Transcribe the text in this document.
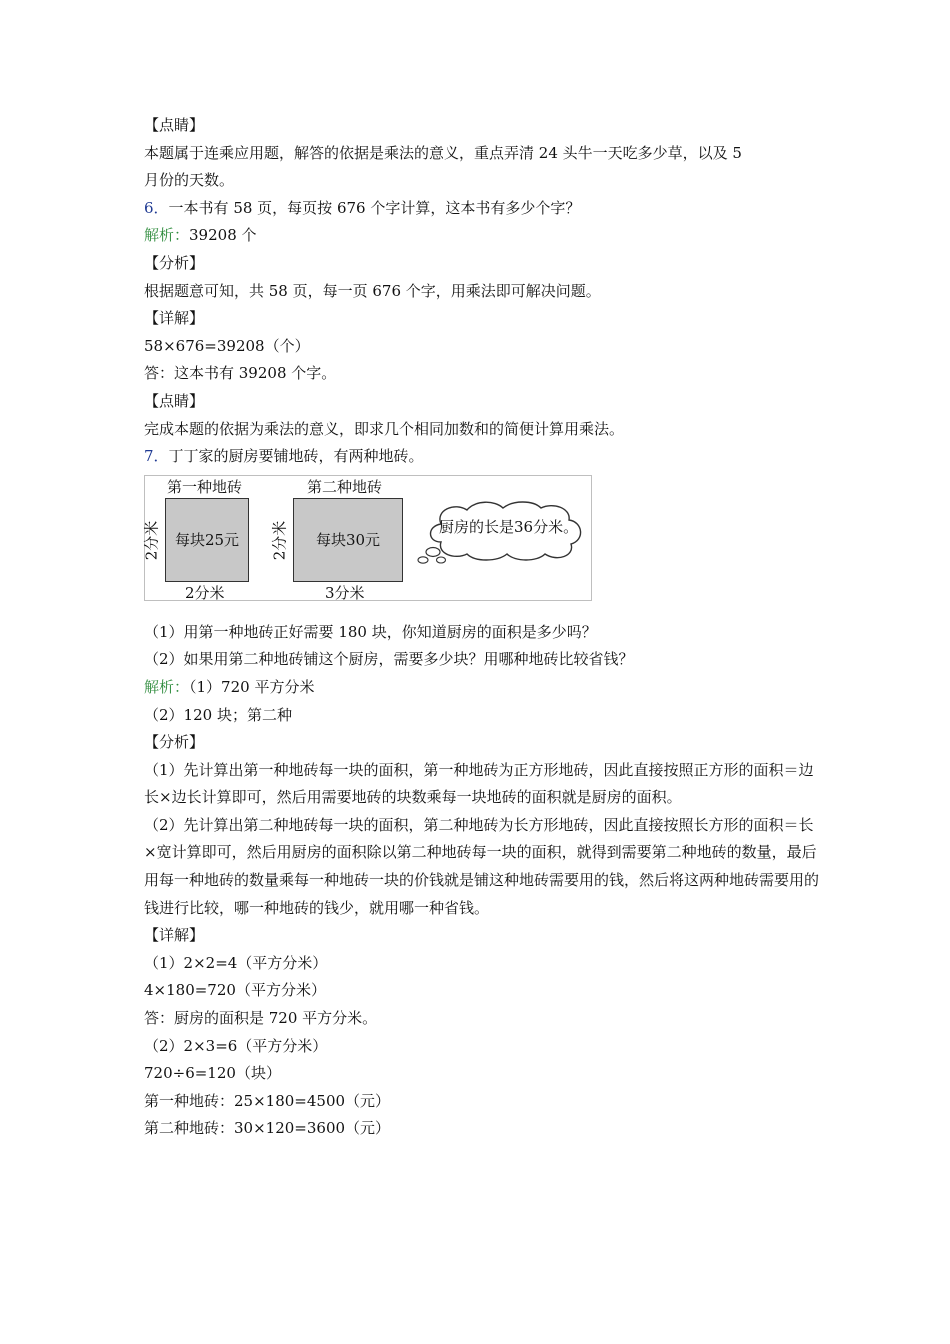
【点睛】

本题属于连乘应用题，解答的依据是乘法的意义，重点弄清 24 头牛一天吃多少草，以及 5

月份的天数。

6．一本书有 58 页，每页按 676 个字计算，这本书有多少个字？

解析：39208 个

【分析】

根据题意可知，共 58 页，每一页 676 个字，用乘法即可解决问题。

【详解】

58×676=39208（个）

答：这本书有 39208 个字。

【点睛】

完成本题的依据为乘法的意义，即求几个相同加数和的简便计算用乘法。

7．丁丁家的厨房要铺地砖，有两种地砖。

第一种地砖
每块25元
2分米
2分米
第二种地砖
每块30元
2分米
3分米
厨房的长是36分米。

（1）用第一种地砖正好需要 180 块，你知道厨房的面积是多少吗？

（2）如果用第二种地砖铺这个厨房，需要多少块？用哪种地砖比较省钱？

解析：（1）720 平方分米

（2）120 块；第二种

【分析】

（1）先计算出第一种地砖每一块的面积，第一种地砖为正方形地砖，因此直接按照正方形的面积＝边长×边长计算即可，然后用需要地砖的块数乘每一块地砖的面积就是厨房的面积。

（2）先计算出第二种地砖每一块的面积，第二种地砖为长方形地砖，因此直接按照长方形的面积＝长×宽计算即可，然后用厨房的面积除以第二种地砖每一块的面积，就得到需要第二种地砖的数量，最后用每一种地砖的数量乘每一种地砖一块的价钱就是铺这种地砖需要用的钱，然后将这两种地砖需要用的钱进行比较，哪一种地砖的钱少，就用哪一种省钱。

【详解】

（1）2×2=4（平方分米）

4×180=720（平方分米）

答：厨房的面积是 720 平方分米。

（2）2×3=6（平方分米）

720÷6=120（块）

第一种地砖：25×180=4500（元）

第二种地砖：30×120=3600（元）
